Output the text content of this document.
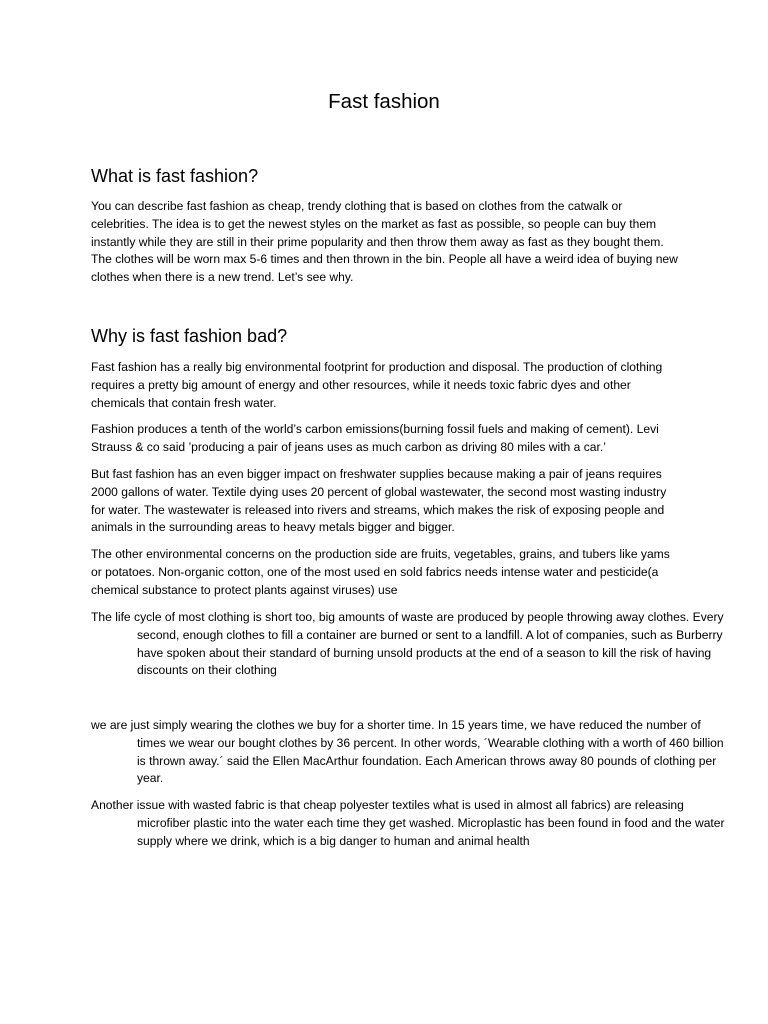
Fast fashion
What is fast fashion?

You can describe fast fashion as cheap, trendy clothing that is based on clothes from the catwalk or celebrities. The idea is to get the newest styles on the market as fast as possible, so people can buy them instantly while they are still in their prime popularity and then throw them away as fast as they bought them. The clothes will be worn max 5-6 times and then thrown in the bin. People all have a weird idea of buying new clothes when there is a new trend. Let’s see why.

Why is fast fashion bad?

Fast fashion has a really big environmental footprint for production and disposal. The production of clothing requires a pretty big amount of energy and other resources, while it needs toxic fabric dyes and other chemicals that contain fresh water.

Fashion produces a tenth of the world’s carbon emissions(burning fossil fuels and making of cement). Levi Strauss & co said ’producing a pair of jeans uses as much carbon as driving 80 miles with a car.’

But fast fashion has an even bigger impact on freshwater supplies because making a pair of jeans requires 2000 gallons of water. Textile dying uses 20 percent of global wastewater, the second most wasting industry for water. The wastewater is released into rivers and streams, which makes the risk of exposing people and animals in the surrounding areas to heavy metals bigger and bigger.

The other environmental concerns on the production side are fruits, vegetables, grains, and tubers like yams or potatoes. Non-organic cotton, one of the most used en sold fabrics needs intense water and pesticide(a chemical substance to protect plants against viruses) use

The life cycle of most clothing is short too, big amounts of waste are produced by people throwing away clothes. Every second, enough clothes to fill a container are burned or sent to a landfill. A lot of companies, such as Burberry have spoken about their standard of burning unsold products at the end of a season to kill the risk of having discounts on their clothing

we are just simply wearing the clothes we buy for a shorter time. In 15 years time, we have reduced the number of times we wear our bought clothes by 36 percent. In other words, ´Wearable clothing with a worth of 460 billion is thrown away.´ said the Ellen MacArthur foundation. Each American throws away 80 pounds of clothing per year.

Another issue with wasted fabric is that cheap polyester textiles what is used in almost all fabrics) are releasing microfiber plastic into the water each time they get washed. Microplastic has been found in food and the water supply where we drink, which is a big danger to human and animal health
